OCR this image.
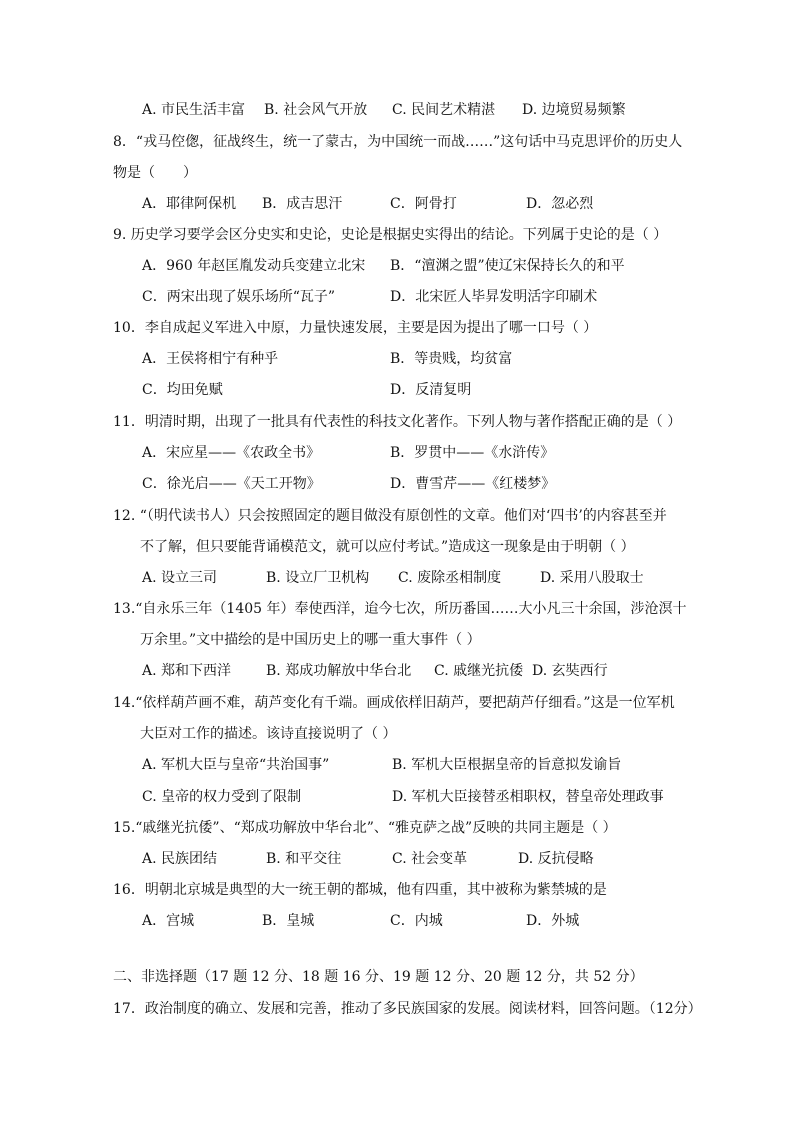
A. 市民生活丰富 B. 社会风气开放 C. 民间艺术精湛 D. 边境贸易频繁
8．“戎马倥偬，征战终生，统一了蒙古，为中国统一而战……”这句话中马克思评价的历史人
物是（　　）
A．耶律阿保机 B．成吉思汗	C．阿骨打	D．忽必烈
9. 历史学习要学会区分史实和史论，史论是根据史实得出的结论。下列属于史论的是（ ）
A．960 年赵匡胤发动兵变建立北宋 B．“澶渊之盟”使辽宋保持长久的和平
C．两宋出现了娱乐场所“瓦子”	D．北宋匠人毕昇发明活字印刷术
10．李自成起义军进入中原，力量快速发展，主要是因为提出了哪一口号（ ）
A．王侯将相宁有种乎	B．等贵贱，均贫富
C．均田免赋	D．反清复明
11．明清时期，出现了一批具有代表性的科技文化著作。下列人物与著作搭配正确的是（ ）
A．宋应星——《农政全书》	B．罗贯中——《水浒传》
C．徐光启——《天工开物》	D．曹雪芹——《红楼梦》
12. “（明代读书人）只会按照固定的题目做没有原创性的文章。他们对‘四书’的内容甚至并
不了解，但只要能背诵模范文，就可以应付考试。”造成这一现象是由于明朝（ ）
A. 设立三司	B. 设立厂卫机构 C. 废除丞相制度	D. 采用八股取士
13.“自永乐三年（1405 年）奉使西洋，迨今七次，所历番国……大小凡三十余国，涉沧溟十
万余里。”文中描绘的是中国历史上的哪一重大事件（ ）
A. 郑和下西洋 B. 郑成功解放中华台北 C. 戚继光抗倭 D. 玄奘西行
14.“依样葫芦画不难，葫芦变化有千端。画成依样旧葫芦，要把葫芦仔细看。”这是一位军机
大臣对工作的描述。该诗直接说明了（ ）
A. 军机大臣与皇帝“共治国事”	B. 军机大臣根据皇帝的旨意拟发谕旨
C. 皇帝的权力受到了限制	D. 军机大臣接替丞相职权，替皇帝处理政事
15.“戚继光抗倭”、“郑成功解放中华台北”、“雅克萨之战”反映的共同主题是（ ）
A. 民族团结	B. 和平交往	C. 社会变革	D. 反抗侵略
16．明朝北京城是典型的大一统王朝的都城，他有四重，其中被称为紫禁城的是
A．宫城	B．皇城	C．内城	D．外城
二、非选择题（17 题 12 分、18 题 16 分、19 题 12 分、20 题 12 分，共 52 分）
17．政治制度的确立、发展和完善，推动了多民族国家的发展。阅读材料，回答问题。（12分）
